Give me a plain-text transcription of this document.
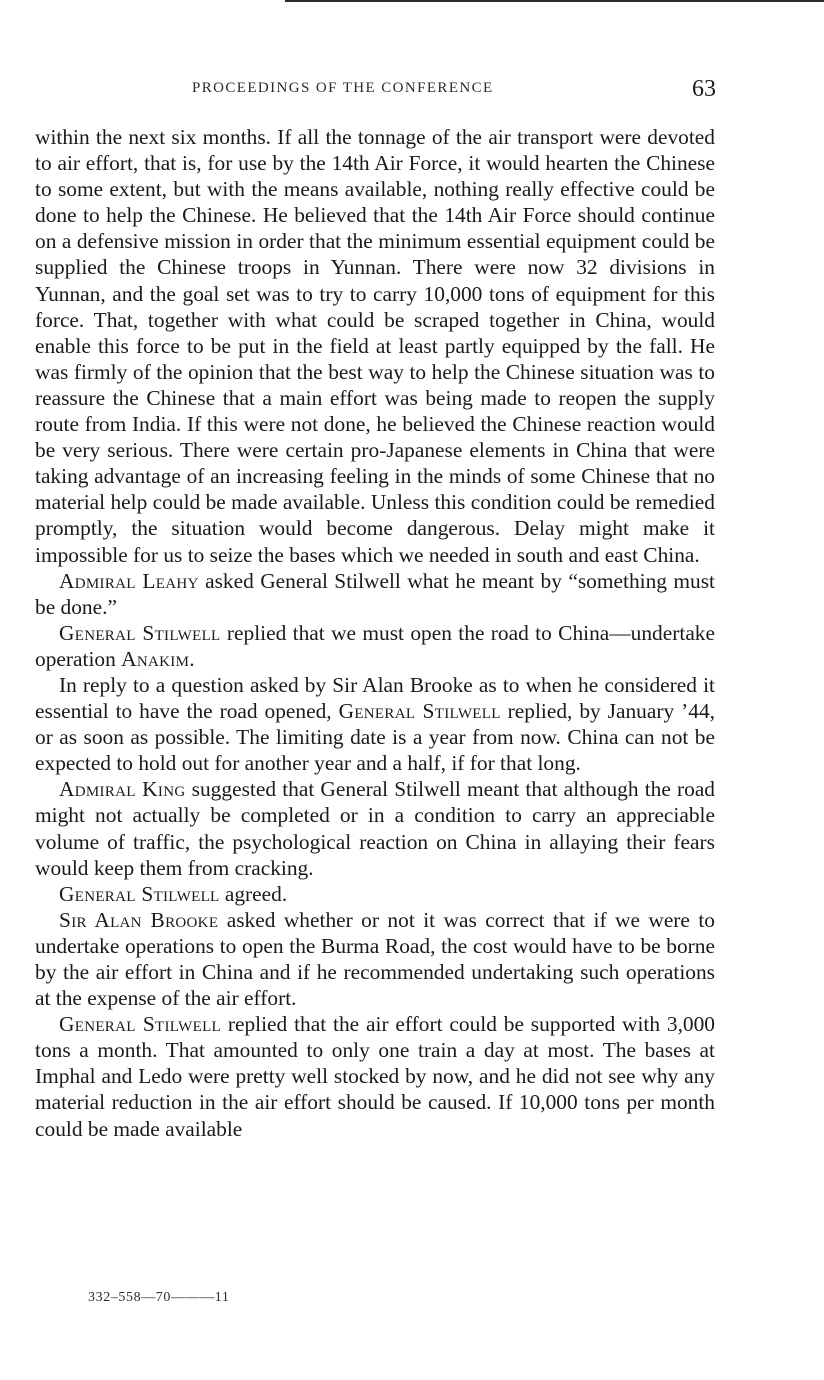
PROCEEDINGS OF THE CONFERENCE	63

within the next six months. If all the tonnage of the air transport were devoted to air effort, that is, for use by the 14th Air Force, it would hearten the Chinese to some extent, but with the means available, nothing really effective could be done to help the Chinese. He believed that the 14th Air Force should continue on a defensive mission in order that the minimum essential equipment could be supplied the Chinese troops in Yunnan. There were now 32 divisions in Yunnan, and the goal set was to try to carry 10,000 tons of equipment for this force. That, together with what could be scraped together in China, would enable this force to be put in the field at least partly equipped by the fall. He was firmly of the opinion that the best way to help the Chinese situation was to reassure the Chinese that a main effort was being made to reopen the supply route from India. If this were not done, he believed the Chinese reaction would be very serious. There were certain pro-Japanese elements in China that were taking advantage of an increasing feeling in the minds of some Chinese that no material help could be made available. Unless this condition could be remedied promptly, the situation would become dangerous. Delay might make it impossible for us to seize the bases which we needed in south and east China.

Admiral Leahy asked General Stilwell what he meant by “something must be done.”

General Stilwell replied that we must open the road to China—undertake operation Anakim.

In reply to a question asked by Sir Alan Brooke as to when he considered it essential to have the road opened, General Stilwell replied, by January ’44, or as soon as possible. The limiting date is a year from now. China can not be expected to hold out for another year and a half, if for that long.

Admiral King suggested that General Stilwell meant that although the road might not actually be completed or in a condition to carry an appreciable volume of traffic, the psychological reaction on China in allaying their fears would keep them from cracking.

General Stilwell agreed.

Sir Alan Brooke asked whether or not it was correct that if we were to undertake operations to open the Burma Road, the cost would have to be borne by the air effort in China and if he recommended undertaking such operations at the expense of the air effort.

General Stilwell replied that the air effort could be supported with 3,000 tons a month. That amounted to only one train a day at most. The bases at Imphal and Ledo were pretty well stocked by now, and he did not see why any material reduction in the air effort should be caused. If 10,000 tons per month could be made available

332–558—70———11
